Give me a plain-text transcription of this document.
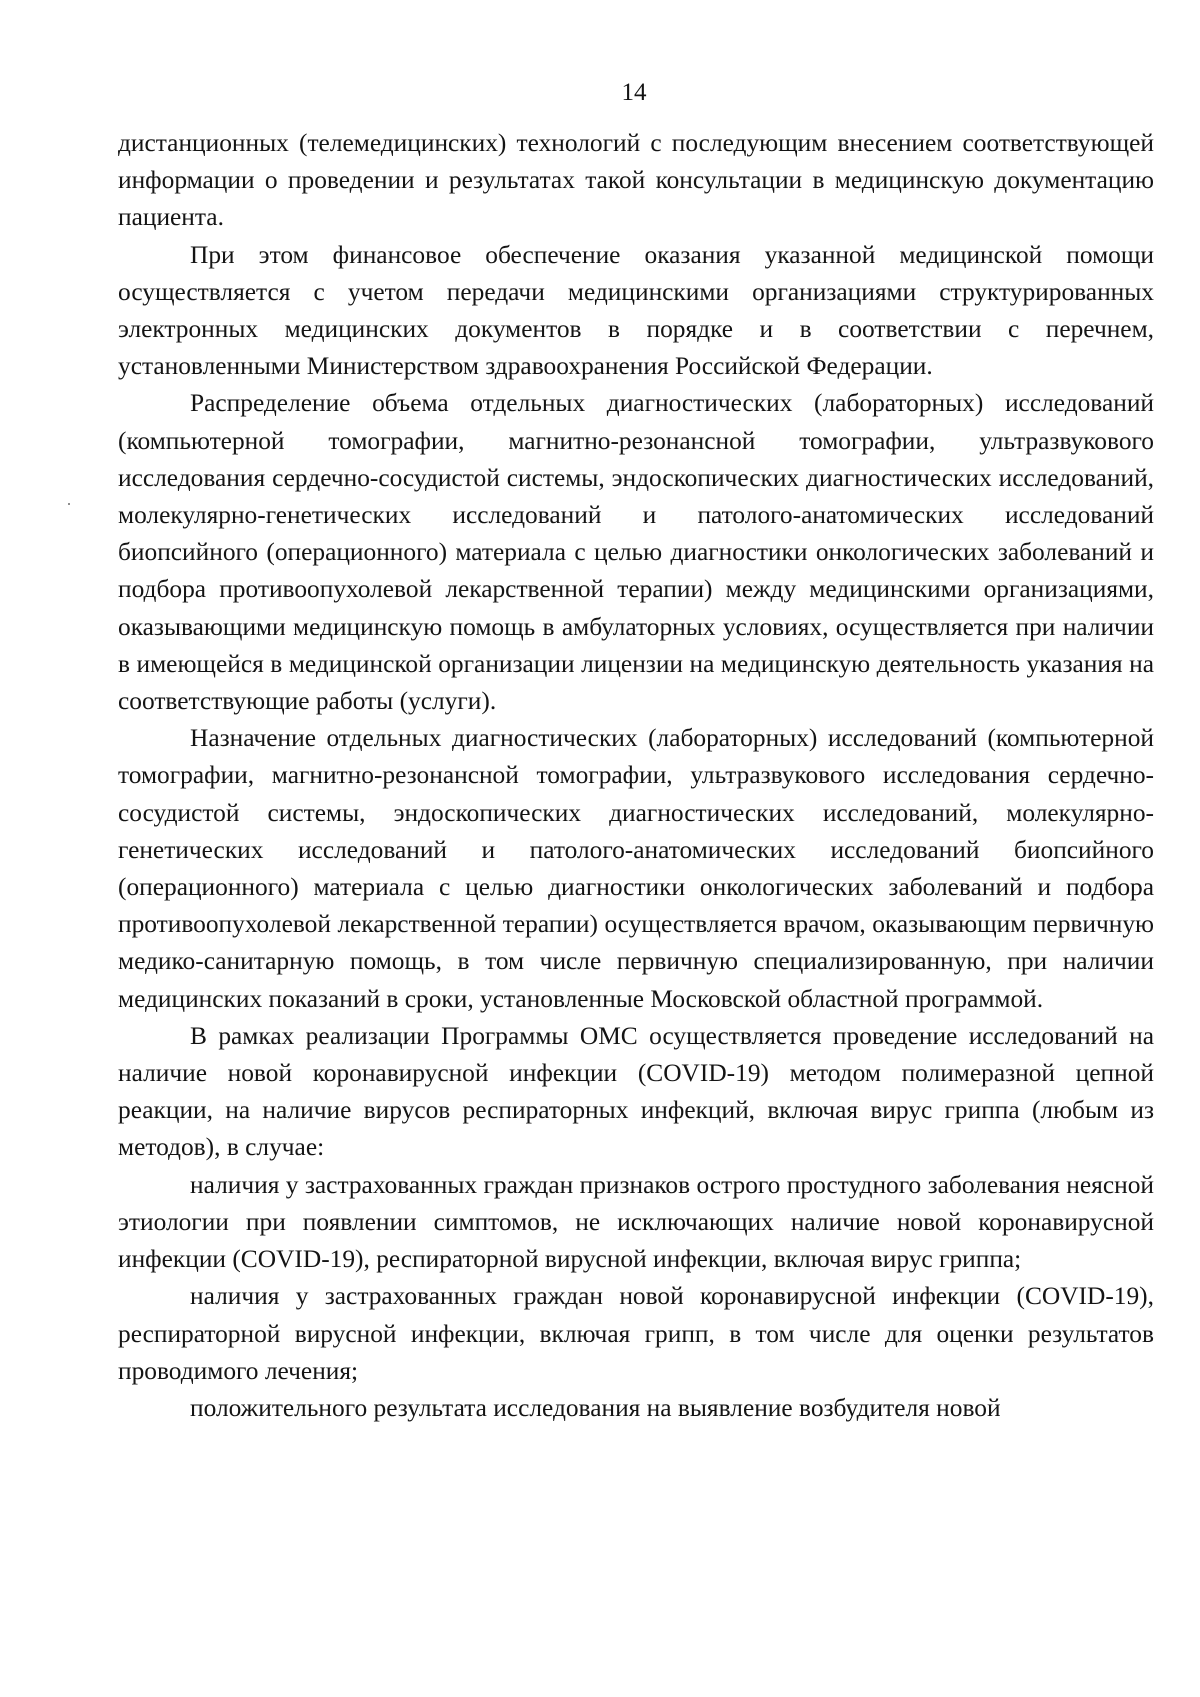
14

дистанционных (телемедицинских) технологий с последующим внесением соответствующей информации о проведении и результатах такой консультации в медицинскую документацию пациента.

При этом финансовое обеспечение оказания указанной медицинской помощи осуществляется с учетом передачи медицинскими организациями структурированных электронных медицинских документов в порядке и в соответствии с перечнем, установленными Министерством здравоохранения Российской Федерации.

Распределение объема отдельных диагностических (лабораторных) исследований (компьютерной томографии, магнитно-резонансной томографии, ультразвукового исследования сердечно-сосудистой системы, эндоскопических диагностических исследований, молекулярно-генетических исследований и патолого-анатомических исследований биопсийного (операционного) материала с целью диагностики онкологических заболеваний и подбора противоопухолевой лекарственной терапии) между медицинскими организациями, оказывающими медицинскую помощь в амбулаторных условиях, осуществляется при наличии в имеющейся в медицинской организации лицензии на медицинскую деятельность указания на соответствующие работы (услуги).

Назначение отдельных диагностических (лабораторных) исследований (компьютерной томографии, магнитно-резонансной томографии, ультразвукового исследования сердечно-сосудистой системы, эндоскопических диагностических исследований, молекулярно-генетических исследований и патолого-анатомических исследований биопсийного (операционного) материала с целью диагностики онкологических заболеваний и подбора противоопухолевой лекарственной терапии) осуществляется врачом, оказывающим первичную медико-санитарную помощь, в том числе первичную специализированную, при наличии медицинских показаний в сроки, установленные Московской областной программой.

В рамках реализации Программы ОМС осуществляется проведение исследований на наличие новой коронавирусной инфекции (COVID-19) методом полимеразной цепной реакции, на наличие вирусов респираторных инфекций, включая вирус гриппа (любым из методов), в случае:

наличия у застрахованных граждан признаков острого простудного заболевания неясной этиологии при появлении симптомов, не исключающих наличие новой коронавирусной инфекции (COVID-19), респираторной вирусной инфекции, включая вирус гриппа;

наличия у застрахованных граждан новой коронавирусной инфекции (COVID-19), респираторной вирусной инфекции, включая грипп, в том числе для оценки результатов проводимого лечения;

положительного результата исследования на выявление возбудителя новой
